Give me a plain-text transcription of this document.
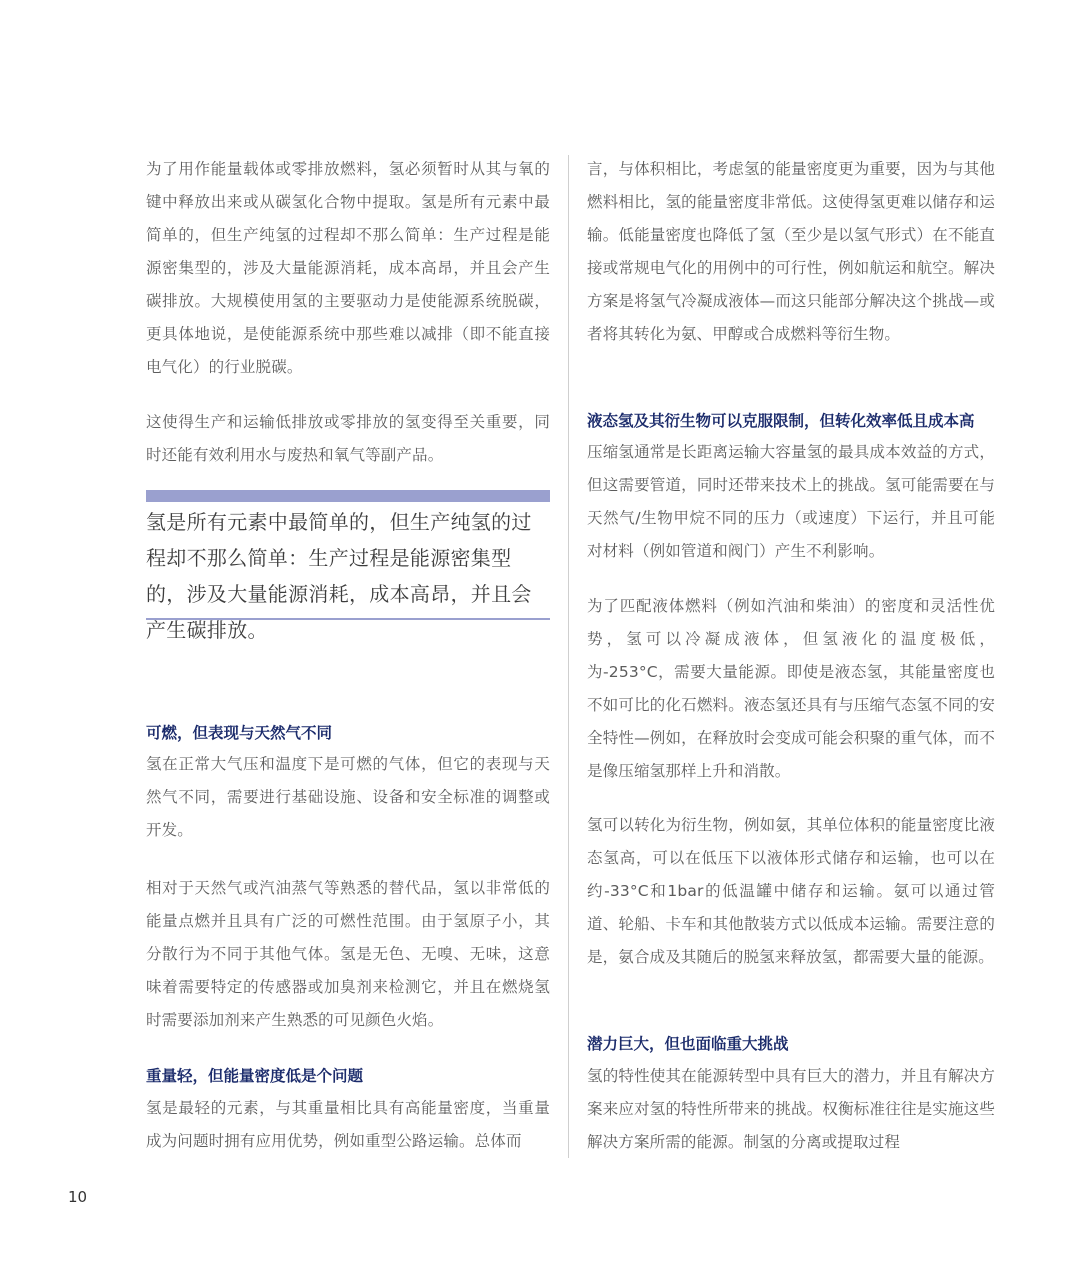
为了用作能量载体或零排放燃料，氢必须暂时从其与氧的键中释放出来或从碳氢化合物中提取。氢是所有元素中最简单的，但生产纯氢的过程却不那么简单：生产过程是能源密集型的，涉及大量能源消耗，成本高昂，并且会产生碳排放。大规模使用氢的主要驱动力是使能源系统脱碳，更具体地说，是使能源系统中那些难以减排（即不能直接电气化）的行业脱碳。

这使得生产和运输低排放或零排放的氢变得至关重要，同时还能有效利用水与废热和氧气等副产品。

可燃，但表现与天然气不同

氢在正常大气压和温度下是可燃的气体，但它的表现与天然气不同，需要进行基础设施、设备和安全标准的调整或开发。

相对于天然气或汽油蒸气等熟悉的替代品，氢以非常低的能量点燃并且具有广泛的可燃性范围。由于氢原子小，其分散行为不同于其他气体。氢是无色、无嗅、无味，这意味着需要特定的传感器或加臭剂来检测它，并且在燃烧氢时需要添加剂来产生熟悉的可见颜色火焰。

重量轻，但能量密度低是个问题

氢是最轻的元素，与其重量相比具有高能量密度，当重量成为问题时拥有应用优势，例如重型公路运输。总体而

氢是所有元素中最简单的，但生产纯氢的过程却不那么简单：生产过程是能源密集型的，涉及大量能源消耗，成本高昂，并且会产生碳排放。

言，与体积相比，考虑氢的能量密度更为重要，因为与其他燃料相比，氢的能量密度非常低。这使得氢更难以储存和运输。低能量密度也降低了氢（至少是以氢气形式）在不能直接或常规电气化的用例中的可行性，例如航运和航空。解决方案是将氢气冷凝成液体—而这只能部分解决这个挑战—或者将其转化为氨、甲醇或合成燃料等衍生物。

液态氢及其衍生物可以克服限制，但转化效率低且成本高

压缩氢通常是长距离运输大容量氢的最具成本效益的方式，但这需要管道，同时还带来技术上的挑战。氢可能需要在与天然气/生物甲烷不同的压力（或速度）下运行，并且可能对材料（例如管道和阀门）产生不利影响。

为了匹配液体燃料（例如汽油和柴油）的密度和灵活性优势，氢可以冷凝成液体，但氢液化的温度极低，为-253°C，需要大量能源。即使是液态氢，其能量密度也不如可比的化石燃料。液态氢还具有与压缩气态氢不同的安全特性—例如，在释放时会变成可能会积聚的重气体，而不是像压缩氢那样上升和消散。

氢可以转化为衍生物，例如氨，其单位体积的能量密度比液态氢高，可以在低压下以液体形式储存和运输，也可以在约-33°C和1bar的低温罐中储存和运输。氨可以通过管道、轮船、卡车和其他散装方式以低成本运输。需要注意的是，氨合成及其随后的脱氢来释放氢，都需要大量的能源。

潜力巨大，但也面临重大挑战

氢的特性使其在能源转型中具有巨大的潜力，并且有解决方案来应对氢的特性所带来的挑战。权衡标准往往是实施这些解决方案所需的能源。制氢的分离或提取过程

10
